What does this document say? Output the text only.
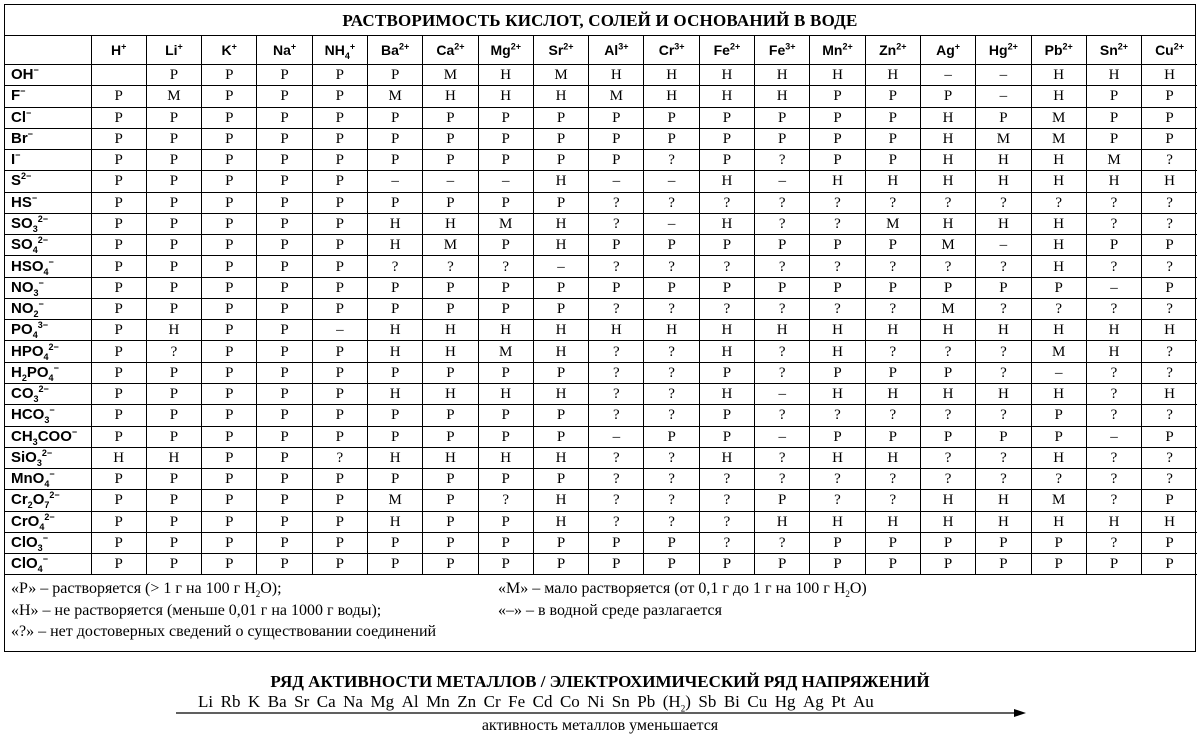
РАСТВОРИМОСТЬ КИСЛОТ, СОЛЕЙ И ОСНОВАНИЙ В ВОДЕ
	H+	Li+	K+	Na+	$NH_4^+$	$Ba^{2+}$	$Ca^{2+}$	$Mg^{2+}$	$Sr^{2+}$	$Al^{3+}$	$Cr^{3+}$	$Fe^{2+}$	$Fe^{3+}$	$Mn^{2+}$	$Zn^{2+}$	Ag+	$Hg^{2+}$	$Pb^{2+}$	$Sn^{2+}$	$Cu^{2+}$
OH−		Р	Р	Р	Р	Р	М	Н	М	Н	Н	Н	Н	Н	Н	–	–	Н	Н	Н
F−	Р	М	Р	Р	Р	М	Н	Н	Н	М	Н	Н	Н	Р	Р	Р	–	Н	Р	Р
Cl−	Р	Р	Р	Р	Р	Р	Р	Р	Р	Р	Р	Р	Р	Р	Р	Н	Р	М	Р	Р
Br−	Р	Р	Р	Р	Р	Р	Р	Р	Р	Р	Р	Р	Р	Р	Р	Н	М	М	Р	Р
I−	Р	Р	Р	Р	Р	Р	Р	Р	Р	Р	?	Р	?	Р	Р	Н	Н	Н	М	?
$S^{2-}$	Р	Р	Р	Р	Р	–	–	–	Н	–	–	Н	–	Н	Н	Н	Н	Н	Н	Н
HS−	Р	Р	Р	Р	Р	Р	Р	Р	Р	?	?	?	?	?	?	?	?	?	?	?
$SO_3^{2-}$	Р	Р	Р	Р	Р	Н	Н	М	Н	?	–	Н	?	?	М	Н	Н	Н	?	?
$SO_4^{2-}$	Р	Р	Р	Р	Р	Н	М	Р	Н	Р	Р	Р	Р	Р	Р	М	–	Н	Р	Р
$HSO_4^-$	Р	Р	Р	Р	Р	?	?	?	–	?	?	?	?	?	?	?	?	Н	?	?
$NO_3^-$	Р	Р	Р	Р	Р	Р	Р	Р	Р	Р	Р	Р	Р	Р	Р	Р	Р	Р	–	Р
$NO_2^-$	Р	Р	Р	Р	Р	Р	Р	Р	Р	?	?	?	?	?	?	М	?	?	?	?
$PO_4^{3-}$	Р	Н	Р	Р	–	Н	Н	Н	Н	Н	Н	Н	Н	Н	Н	Н	Н	Н	Н	Н
$HPO_4^{2-}$	Р	?	Р	Р	Р	Н	Н	М	Н	?	?	Н	?	Н	?	?	?	М	Н	?
$H_2PO_4^-$	Р	Р	Р	Р	Р	Р	Р	Р	Р	?	?	Р	?	Р	Р	Р	?	–	?	?
$CO_3^{2-}$	Р	Р	Р	Р	Р	Н	Н	Н	Н	?	?	Н	–	Н	Н	Н	Н	Н	?	Н
$HCO_3^-$	Р	Р	Р	Р	Р	Р	Р	Р	Р	?	?	Р	?	?	?	?	?	Р	?	?
$CH_3COO^-$	Р	Р	Р	Р	Р	Р	Р	Р	Р	–	Р	Р	–	Р	Р	Р	Р	Р	–	Р
SiO$_3^{2-}$	Н	Н	Р	Р	?	Н	Н	Н	Н	?	?	Н	?	Н	Н	?	?	Н	?	?
MnO$_4$−	Р	Р	Р	Р	Р	Р	Р	Р	Р	?	?	?	?	?	?	?	?	?	?	?
$Cr_2O_7^{2-}$	Р	Р	Р	Р	Р	М	Р	?	Н	?	?	?	Р	?	?	Н	Н	М	?	Р
CrO$_4^{2-}$	Р	Р	Р	Р	Р	Н	Р	Р	Н	?	?	?	Н	Н	Н	Н	Н	Н	Н	Н
ClO$_3$−	Р	Р	Р	Р	Р	Р	Р	Р	Р	Р	Р	?	?	Р	Р	Р	Р	Р	?	Р
ClO$_4$−	Р	Р	Р	Р	Р	Р	Р	Р	Р	Р	Р	Р	Р	Р	Р	Р	Р	Р	Р	Р
«Р» – растворяется (> 1 г на 100 г $H_2O$);	«М» – мало растворяется (от 0,1 г до 1 г на 100 г $H_2O$)
«Н» – не растворяется (меньше 0,01 г на 1000 г воды);	«–» – в водной среде разлагается
«?» – нет достоверных сведений о существовании соединений
РЯД АКТИВНОСТИ МЕТАЛЛОВ / ЭЛЕКТРОХИМИЧЕСКИЙ РЯД НАПРЯЖЕНИЙ
Li Rb K Ba Sr Ca Na Mg Al Mn Zn Cr Fe Cd Co Ni Sn Pb $(H_2)$ Sb Bi Cu Hg Ag Pt Au
активность металлов уменьшается
